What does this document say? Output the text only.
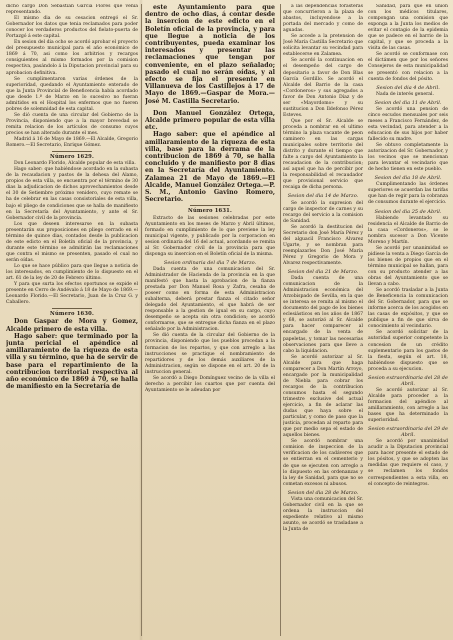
dicho cargo Don Sebastian Garcia Flores que venia representando.

El mismo dia de su cesacion entregó el Sr. Gobernador los datos que tenia reclamados para poder conocer los verdaderos productos del fielato-puerta de Portazgó á este capital.

En sesion del dia ocho se acordó aprobar el proyecto del presupuesto municipal para el año económico de 1869 á 70, asi como los arbitrios y recargos consiguientes al mismo formados por la comision respectiva, pasándolo á la Diputacion provincial para su aprobacion definitiva.

Se cumplimentaron varias órdenes de la superioridad, quedando el Ayuntamiento enterado de que la Junta Provincial de Beneficencia había acordado que desde 1.º de Marzo en lo sucesivo no fueran admitidos en el Hospital los enfermos que no fueren pobres de solemnidad de esta capital.

Se dió cuenta de una circular del Gobierno de la Provincia, disponiendo que a la mayor brevedad se remita relacion de los artículos de consumo cuyos precios se han alterado durante el mes.

Madrid á 16 de Mayo de 1869.—El Alcalde, Gregorio Romero.—El Secretario, Enrique Gómez.

Número 1629.

Don Leonardo Florido, Alcalde popular de esta villa.

Hago saber: que habiéndose acordado en la subasta de la recaudacion y pastos de la dehesa del Alamo, propios de esta villa, se encuentra por el término de 30 dias la adjudicacion de dichos aprovechamientos desde el 30 de Setiembre próximo venidero, cuyo remate se ha de celebrar en las casas consistoriales de esta villa, bajo el pliego de condiciones que se halla de manifiesto en la Secretaría del Ayuntamiento, y ante el Sr. Gobernador civil de la provincia.

Los que deseen interesarse en la subasta presentarán sus proposiciones en pliego cerrado en el término de quince dias, contados desde la publicacion de este edicto en el Boletín oficial de la provincia, y durante este término se admitirán las reclamaciones que contra el mismo se presenten, pasado el cual no serán oídas.

Lo que se hace público para que llegue a noticia de los interesados, en cumplimiento de lo dispuesto en el art. 61 de la ley de 20 de Febrero último.

Y para que surta los efectos oportunos se expide el presente en Cerro de Andévalo á 18 de Mayo de 1869.—Leonardo Florido.—El Secretario, Juan de la Cruz G. y Caballero.

Número 1630.

Don Gaspar de Mora y Gomez, Alcalde primero de esta villa.

Hago saber: que terminado por la junta pericial el apéndice al amillaramiento de la riqueza de esta villa y su término, que ha de servir de base para el repartimiento de la contribucion territorial respectiva al año económico de 1869 á 70, se halla de manifiesto en la Secretaría de

este Ayuntamiento para que dentro de ocho dias, á contar desde la insercion de este edicto en el Boletín oficial de la provincia, y para que llegue a noticia de los contribuyentes, pueda examinar los interesados y presentar las reclamaciones que tengan por conveniente, en el plazo señalado; pasado el cual no serán oídas, y al efecto se fija el presente en Villanueva de los Castillejos á 17 de Mayo de 1869.—Gaspar de Mora.—José M. Castilla Secretario.

Don Manuel González Ortega, Alcalde primero popular de esta villa etc.

Hago saber: que el apéndice al amillaramiento de la riqueza de esta villa, base para la derrama de la contribucion de 1869 á 70, se halla concluido y de manifiesto por 8 dias en la Secretaría del Ayuntamiento. Zalamea 21 de Mayo de 1869.—El Alcalde, Manuel González Ortega.—P. S. M., Antonio Gavino Romero, Secretario.

Número 1631.

Extracto de las sesiones celebradas por este Ayuntamiento en los meses de Marzo y Abril últimos, formado en cumplimiento de lo que previene la ley municipal vigente, y publicado por la corporacion en sesion ordinaria del 16 del actual, acordando se remita al Sr. Gobernador civil de la provincia para que disponga su insercion en el Boletín oficial de la misma.

Sesion ordinaria del dia 7 de Marzo.

Dada cuenta de una comunicacion del Sr. Administrador de Hacienda de la provincia en la que manifestó que hasta la aprobacion de la fianza prestada por Don Manuel Rosa y Zafra, cesaba de poseer como en forma de esta Administracion subalterna, deberá prestar fianza el citado señor delegado del Ayuntamiento, el que habrá de ser responsable a la gestion de igual en su cargo, cuyo desempeño se acepta sin otra condicion; se acordó conformarse, que se entregue dicha fianza en el plazo señalado por la Administracion.

Se dió cuenta de la circular del Gobierno de la provincia, disponiendo que los pueblos procedan a la formacion de los repartos, y que con arreglo a las instrucciones se practique el nombramiento de repartidores y de los demás auxiliares de la Administracion, según se dispone en el art. 20 de la instruccion general.

Se acordó a Diego Domínguez vecino de la villa el derecho a percibir los cuartos que por cuenta del Ayuntamiento se le adeudan por

á las dependencias forasteras que concurrieron a la plaza de abastos, incluyendose a la portada del mercado y como de aguadas.

Se accede a la pretension de José María Castilla Secretario que solicita levantar su vecindad para establecerse en Zalamea.

Se acordó la continuacion en el desempeño del cargo de depositario a favor de Don Blas García Gordillo. Se acordó el Alcalde del Barrio de la casa «Cordoneros» y sus agregados a favor de Don Antonio Díaz y de ser «Mayordomo» y su sustitucion a Don Ildefonso Pérez Esteves.

Que por el Sr. Alcalde se proceda a nombrar en el ultimo término la plaza vacante de peon caminero en las cargas municipales sobre territorio del distrito y durante el tiempo que falte a cargo del Ayuntamiento la recaudacion de la contribucion; así aquel que ha de percibir por la responsabilidad el recaudador que provisional servicio que recaiga de dicha persona.

Sesion del dia 14 de Marzo.

Se acordó la supresion del cargo de inspector de carnes y su recargo del servicio a la comision de Sanidad.

Se acordó la destitucion del Secretario don José María Pérez y del alguacil Francisco Alvarez Ugarte, y se nombran para reemplazarles Don José María Pérez y Gregorio de Mora y Alvarez respectivamente.

Sesion del dia 21 de Marzo.

Dada cuenta de una comunicacion de la Administracion económica del Arzobispado de Sevilla, en la que se interesa se remita al mismo el documento del pago de los bienes eclesiásticos en los años de 1867 y 68, se autorizó al Sr. Alcalde para hacer comparecer al encargado de la venta de papeletas, y tomar las necesarias observaciones para que lleve a cabo la liquidacion.

Se acordó autorizar al Sr. Alcalde para que haga comparecer a Don Martín Arroyo, encargado por la municipalidad de Niebla para cobrar los recargos de la contribucion consumos hasta el segundo trimestre exclusive del actual ejercicio, a fin de aclarar las dudas que haya sobre el particular, y como de paso que la justicia, procedan al reparto para que por medio sepa el estado de aquellos bienes.

Se acordó nombrar una comision de inspeccion de la verificacion de los cadáveres que se entierran en el cementerio y de que se ejecuten con arreglo a lo dispuesto en las ordenanzas y la ley de Sanidad, para que no se cometan excesos ni abusos.

Sesion del dia 28 de Marzo.

Vista una comunicacion del Sr. Gobernador civil en la que se ordena la instruccion del expediente relativo al mismo asunto, se acordó se trasladase a la Junta de

Sanidad, para que en union con los médicos titulares, compongan una comision que exponga a la Junta los medios de evitar el contagio de la epidemia que se padece en el barrio de la capital, y que se proceda a la visita de las casas.

Se acordó se conformase con el dictámen que por los señores Consejeros de esta municipalidad se presentó con relacion a la cuenta de fondos del pósito.

Sesion del dia 4 de Abril.

Nada de interés general.

Sesion del dia 11 de Abril.

Se acordó una pension de cinco escudos mensuales por seis meses a Francisco Fernández, de esta vecindad, para atender a la educacion de sus hijos por haber fallecido su madre.

Se obtuvo completamente la autorizacion del Sr. Gobernador, y los vecinos que se mencionan para levantar el vecindario que de hecho tienen en este pueblo.

Sesion del dia 18 de Abril.

Cumplimentando las órdenes superiores se acuerdan las tarifas que han de regir para la cobranza de consumos durante el ejercicio.

Sesion del dia 25 de Abril.

Habiendo levantado su residencia el Alcalde de Barrio de la casa «Cordoneros», se le nombra sucesor a Don Vicente Moreno y Martín.

Se acordó por unanimidad se pidiese la venta a Diego García de los bienes de propios que en el término municipal se hallan, para con su producto atender a las obras del Ayuntamiento que se llevan a cabo.

Se acordó trasladar a la Junta de Beneficencia la comunicacion del Sr. Gobernador, para que se informe acerca de los acogidos en las casas de expósitos, y que se publique a fin de que sirva de conocimiento al vecindario.

Se acordó solicitar de la autoridad superior competente la concesion de un crédito suplementario para los gastos de la fiesta, según el art. 18, habiéndose dispuesto que se proceda a su ejecucion.

Sesion extraordinaria del 28 de Abril.

Se acordó autorizar al Sr. Alcalde para proceder a la formacion del apéndice al amillaramiento, con arreglo a las bases que ha determinado la superioridad.

Sesion extraordinaria del 29 de Abril.

Se acordó por unanimidad acudir a la Diputacion provincial para hacer presente el estado de los pósitos, y que se adopten las medidas que requiere el caso, y se reclamen los fondos correspondientes a esta villa, en el concepto de reintegros.
